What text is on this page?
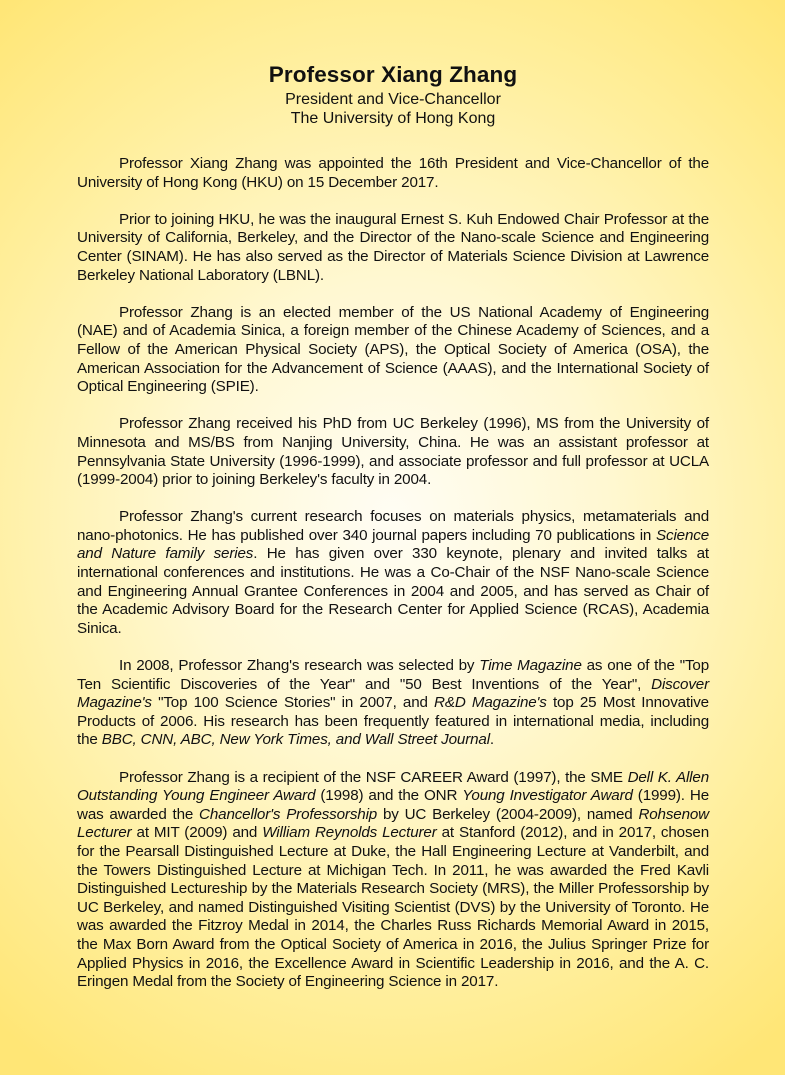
Professor Xiang Zhang
President and Vice-Chancellor
The University of Hong Kong

Professor Xiang Zhang was appointed the 16th President and Vice-Chancellor of the University of Hong Kong (HKU) on 15 December 2017.

Prior to joining HKU, he was the inaugural Ernest S. Kuh Endowed Chair Professor at the University of California, Berkeley, and the Director of the Nano-scale Science and Engineering Center (SINAM). He has also served as the Director of Materials Science Division at Lawrence Berkeley National Laboratory (LBNL).

Professor Zhang is an elected member of the US National Academy of Engineering (NAE) and of Academia Sinica, a foreign member of the Chinese Academy of Sciences, and a Fellow of the American Physical Society (APS), the Optical Society of America (OSA), the American Association for the Advancement of Science (AAAS), and the International Society of Optical Engineering (SPIE).

Professor Zhang received his PhD from UC Berkeley (1996), MS from the University of Minnesota and MS/BS from Nanjing University, China. He was an assistant professor at Pennsylvania State University (1996-1999), and associate professor and full professor at UCLA (1999-2004) prior to joining Berkeley's faculty in 2004.

Professor Zhang's current research focuses on materials physics, metamaterials and nano-photonics. He has published over 340 journal papers including 70 publications in Science and Nature family series. He has given over 330 keynote, plenary and invited talks at international conferences and institutions. He was a Co-Chair of the NSF Nano-scale Science and Engineering Annual Grantee Conferences in 2004 and 2005, and has served as Chair of the Academic Advisory Board for the Research Center for Applied Science (RCAS), Academia Sinica.

In 2008, Professor Zhang's research was selected by Time Magazine as one of the "Top Ten Scientific Discoveries of the Year" and "50 Best Inventions of the Year", Discover Magazine's "Top 100 Science Stories" in 2007, and R&D Magazine's top 25 Most Innovative Products of 2006. His research has been frequently featured in international media, including the BBC, CNN, ABC, New York Times, and Wall Street Journal.

Professor Zhang is a recipient of the NSF CAREER Award (1997), the SME Dell K. Allen Outstanding Young Engineer Award (1998) and the ONR Young Investigator Award (1999). He was awarded the Chancellor's Professorship by UC Berkeley (2004-2009), named Rohsenow Lecturer at MIT (2009) and William Reynolds Lecturer at Stanford (2012), and in 2017, chosen for the Pearsall Distinguished Lecture at Duke, the Hall Engineering Lecture at Vanderbilt, and the Towers Distinguished Lecture at Michigan Tech. In 2011, he was awarded the Fred Kavli Distinguished Lectureship by the Materials Research Society (MRS), the Miller Professorship by UC Berkeley, and named Distinguished Visiting Scientist (DVS) by the University of Toronto. He was awarded the Fitzroy Medal in 2014, the Charles Russ Richards Memorial Award in 2015, the Max Born Award from the Optical Society of America in 2016, the Julius Springer Prize for Applied Physics in 2016, the Excellence Award in Scientific Leadership in 2016, and the A. C. Eringen Medal from the Society of Engineering Science in 2017.
